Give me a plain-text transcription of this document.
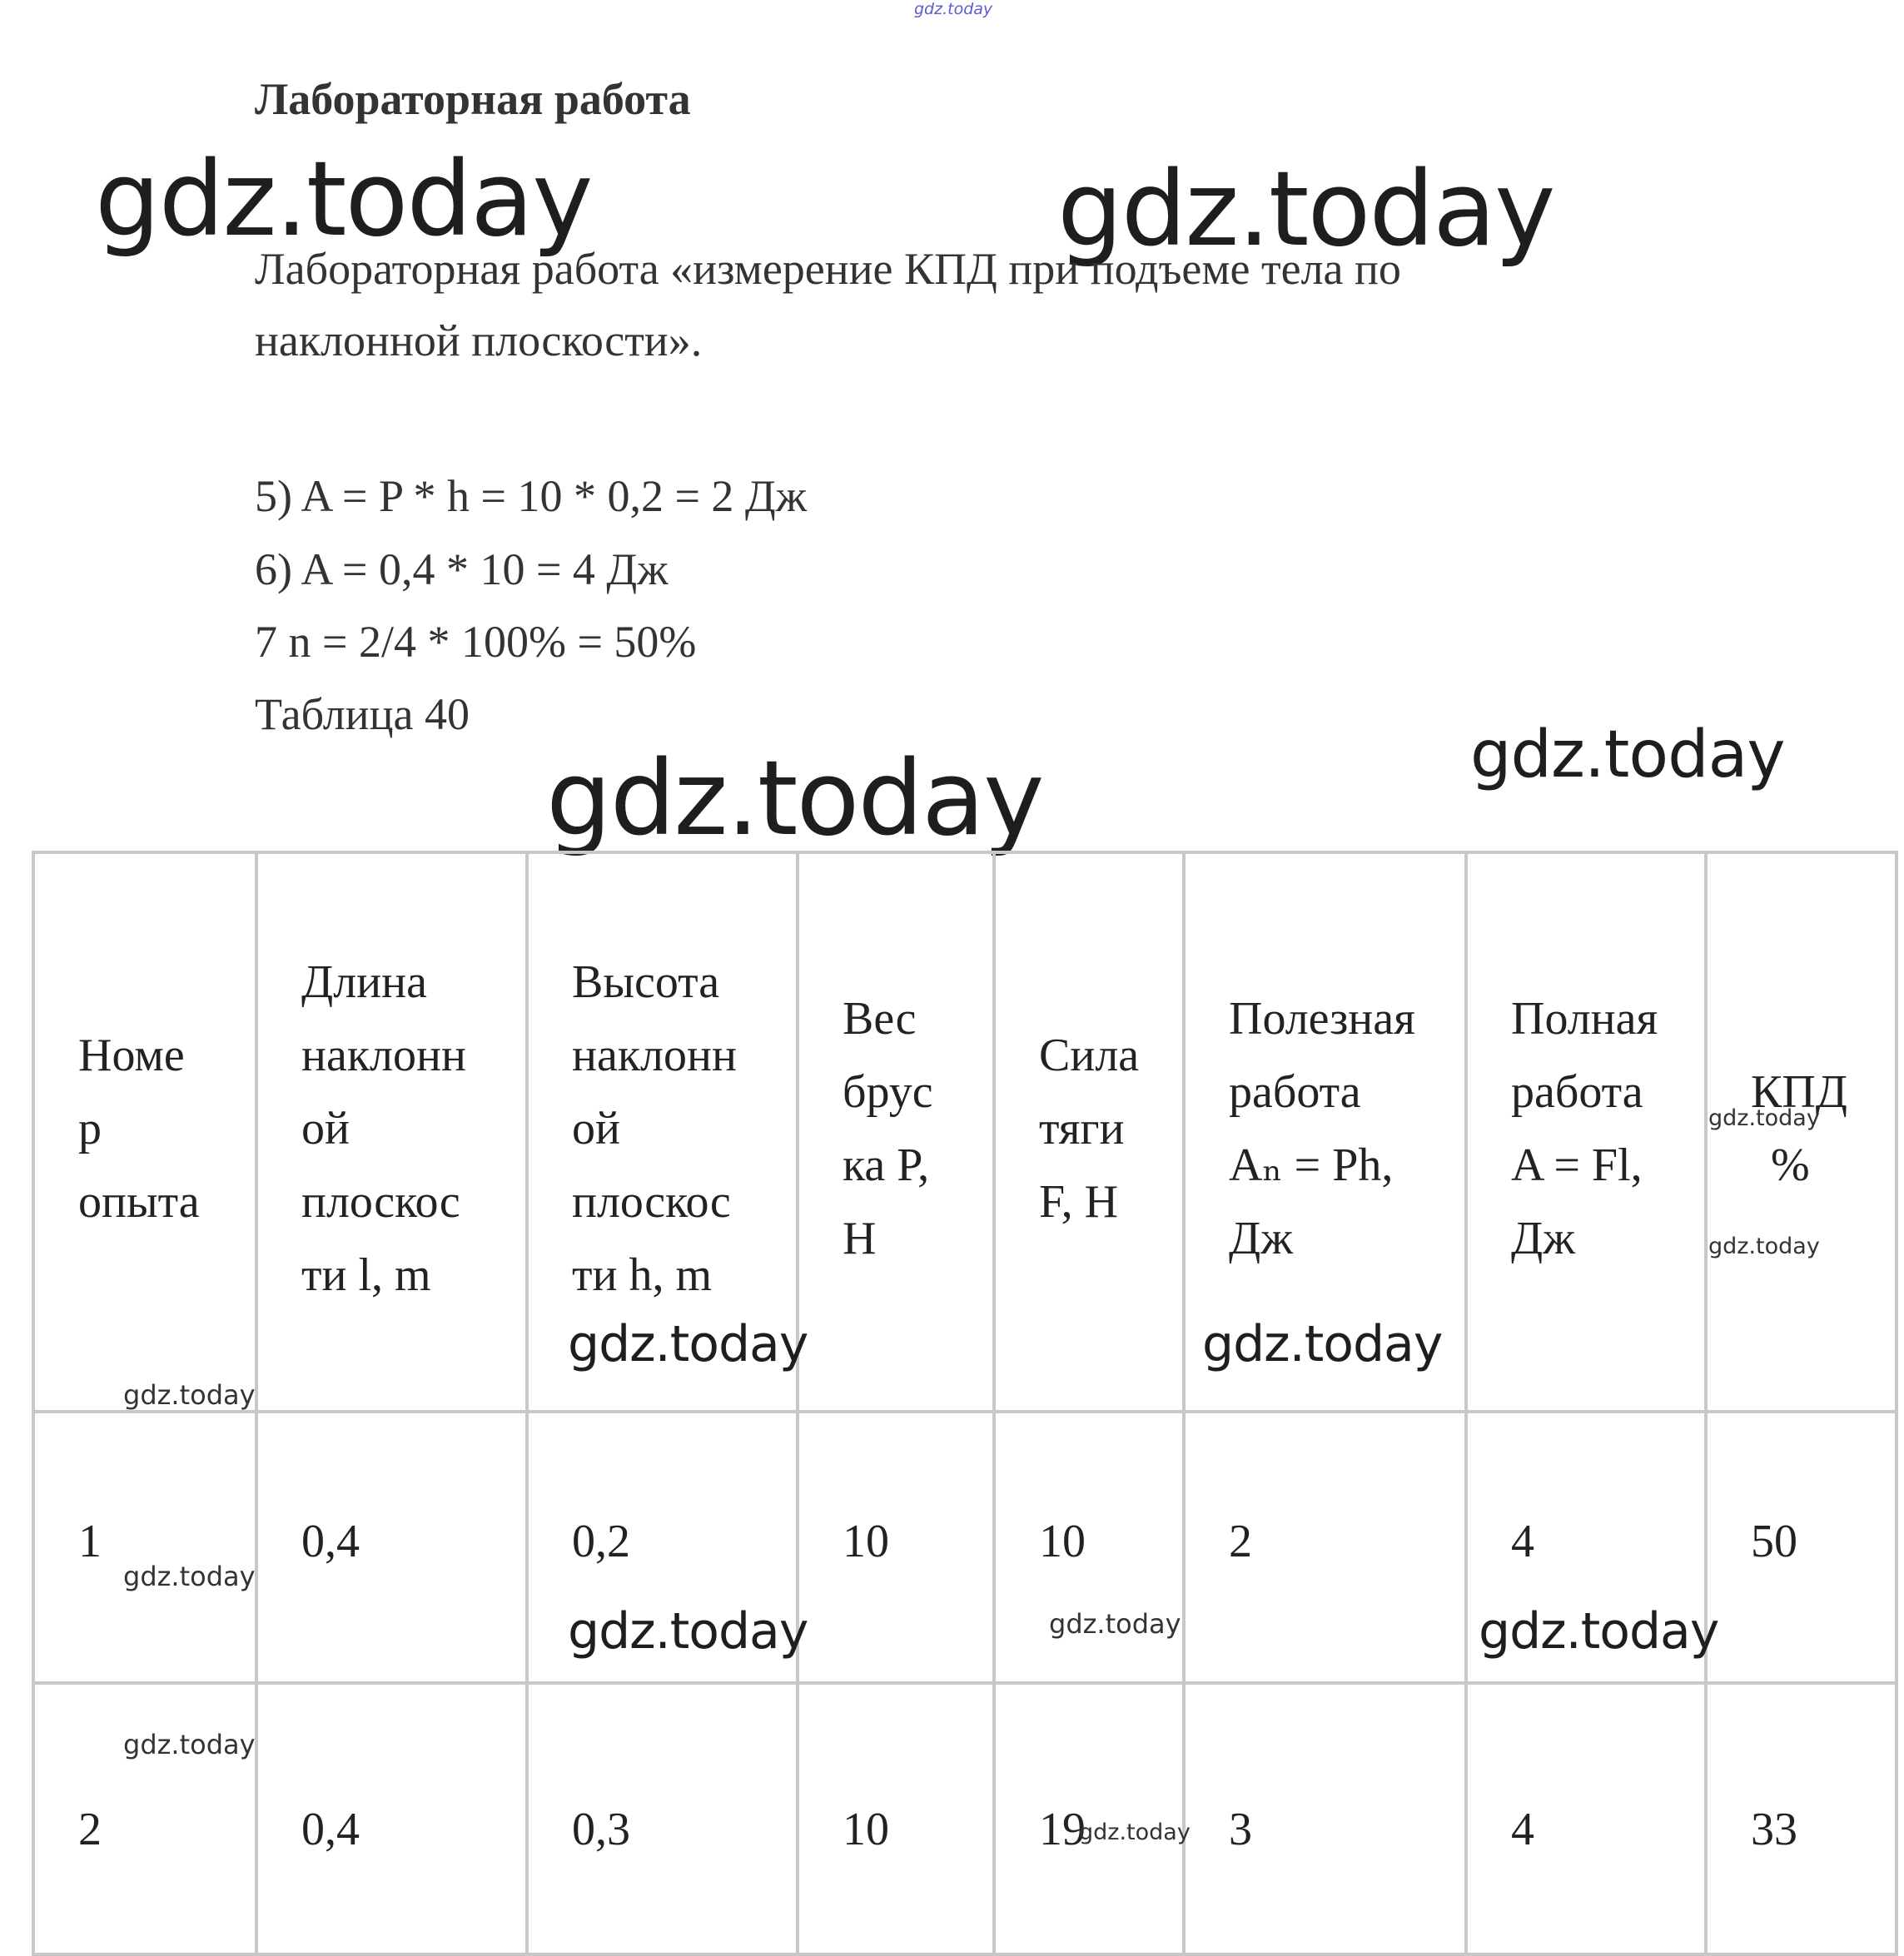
gdz.today
gdz.today	gdz.today
gdz.today	gdz.today
Лабораторная работа
Лабораторная работа «измерение КПД при подъеме тела по
наклонной плоскости».
5) A = P * h = 10 * 0,2 = 2 Дж
6) A = 0,4 * 10 = 4 Дж
7 n = 2/4 * 100% = 50%
Таблица 40
Номе
р
опыта	Длина
наклонн
ой
плоскос
ти l, m	Высота
наклонн
ой
плоскос
ти h, m	Вес
брус
ка P,
H	Сила
тяги
F, H	Полезная
работа
Aₙ = Ph,
Дж	Полная
работа
A = Fl,
Дж	КПД
%

1	0,4	0,2	10	10	2	4	50

2	0,4	0,3	10	19	3	4	33
gdz.today	gdz.today
gdz.today
gdz.today
gdz.today
gdz.today
gdz.today	gdz.today	gdz.today
gdz.today
gdz.today
